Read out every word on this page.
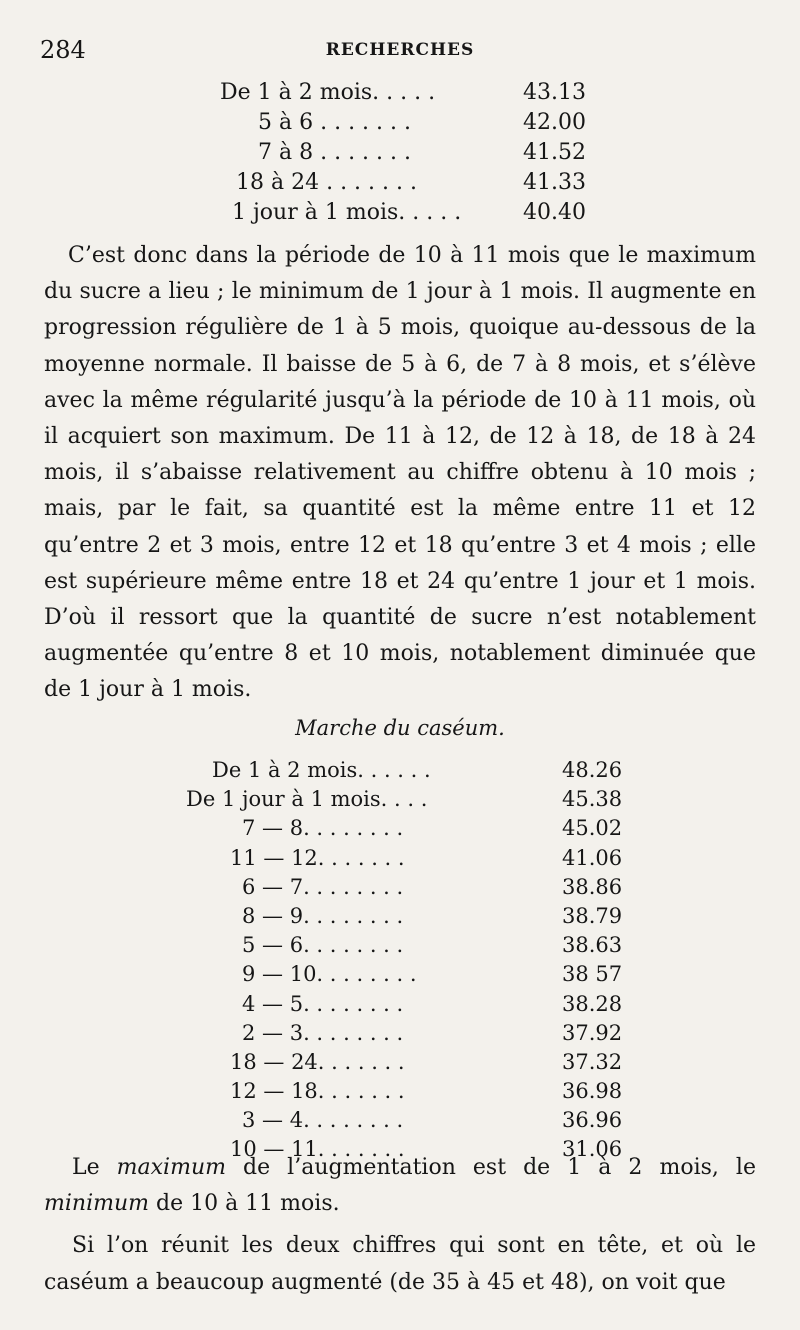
284	RECHERCHES
De 1 à 2 mois. . . . .	43.13
5 à 6 . . . . . . .	42.00
7 à 8 . . . . . . .	41.52
18 à 24 . . . . . . .	41.33
1 jour à 1 mois. . . . .	40.40
C’est donc dans la période de 10 à 11 mois que le maximum du sucre a lieu ; le minimum de 1 jour à 1 mois. Il augmente en progression régulière de 1 à 5 mois, quoique au-dessous de la moyenne normale. Il baisse de 5 à 6, de 7 à 8 mois, et s’élève avec la même régularité jusqu’à la période de 10 à 11 mois, où il acquiert son maximum. De 11 à 12, de 12 à 18, de 18 à 24 mois, il s’abaisse relativement au chiffre obtenu à 10 mois ; mais, par le fait, sa quantité est la même entre 11 et 12 qu’entre 2 et 3 mois, entre 12 et 18 qu’entre 3 et 4 mois ; elle est supérieure même entre 18 et 24 qu’entre 1 jour et 1 mois. D’où il ressort que la quantité de sucre n’est notablement augmentée qu’entre 8 et 10 mois, notablement diminuée que de 1 jour à 1 mois.
Marche du caséum.
De 1 à 2 mois. . . . . .	48.26
De 1 jour à 1 mois. . . .	45.38
7 — 8. . . . . . . .	45.02
11 — 12. . . . . . .	41.06
6 — 7. . . . . . . .	38.86
8 — 9. . . . . . . .	38.79
5 — 6. . . . . . . .	38.63
9 — 10. . . . . . . .	38 57
4 — 5. . . . . . . .	38.28
2 — 3. . . . . . . .	37.92
18 — 24. . . . . . .	37.32
12 — 18. . . . . . .	36.98
3 — 4. . . . . . . .	36.96
10 — 11. . . . . . .	31.06

Le maximum de l’augmentation est de 1 à 2 mois, le minimum de 10 à 11 mois.

Si l’on réunit les deux chiffres qui sont en tête, et où le caséum a beaucoup augmenté (de 35 à 45 et 48), on voit que
